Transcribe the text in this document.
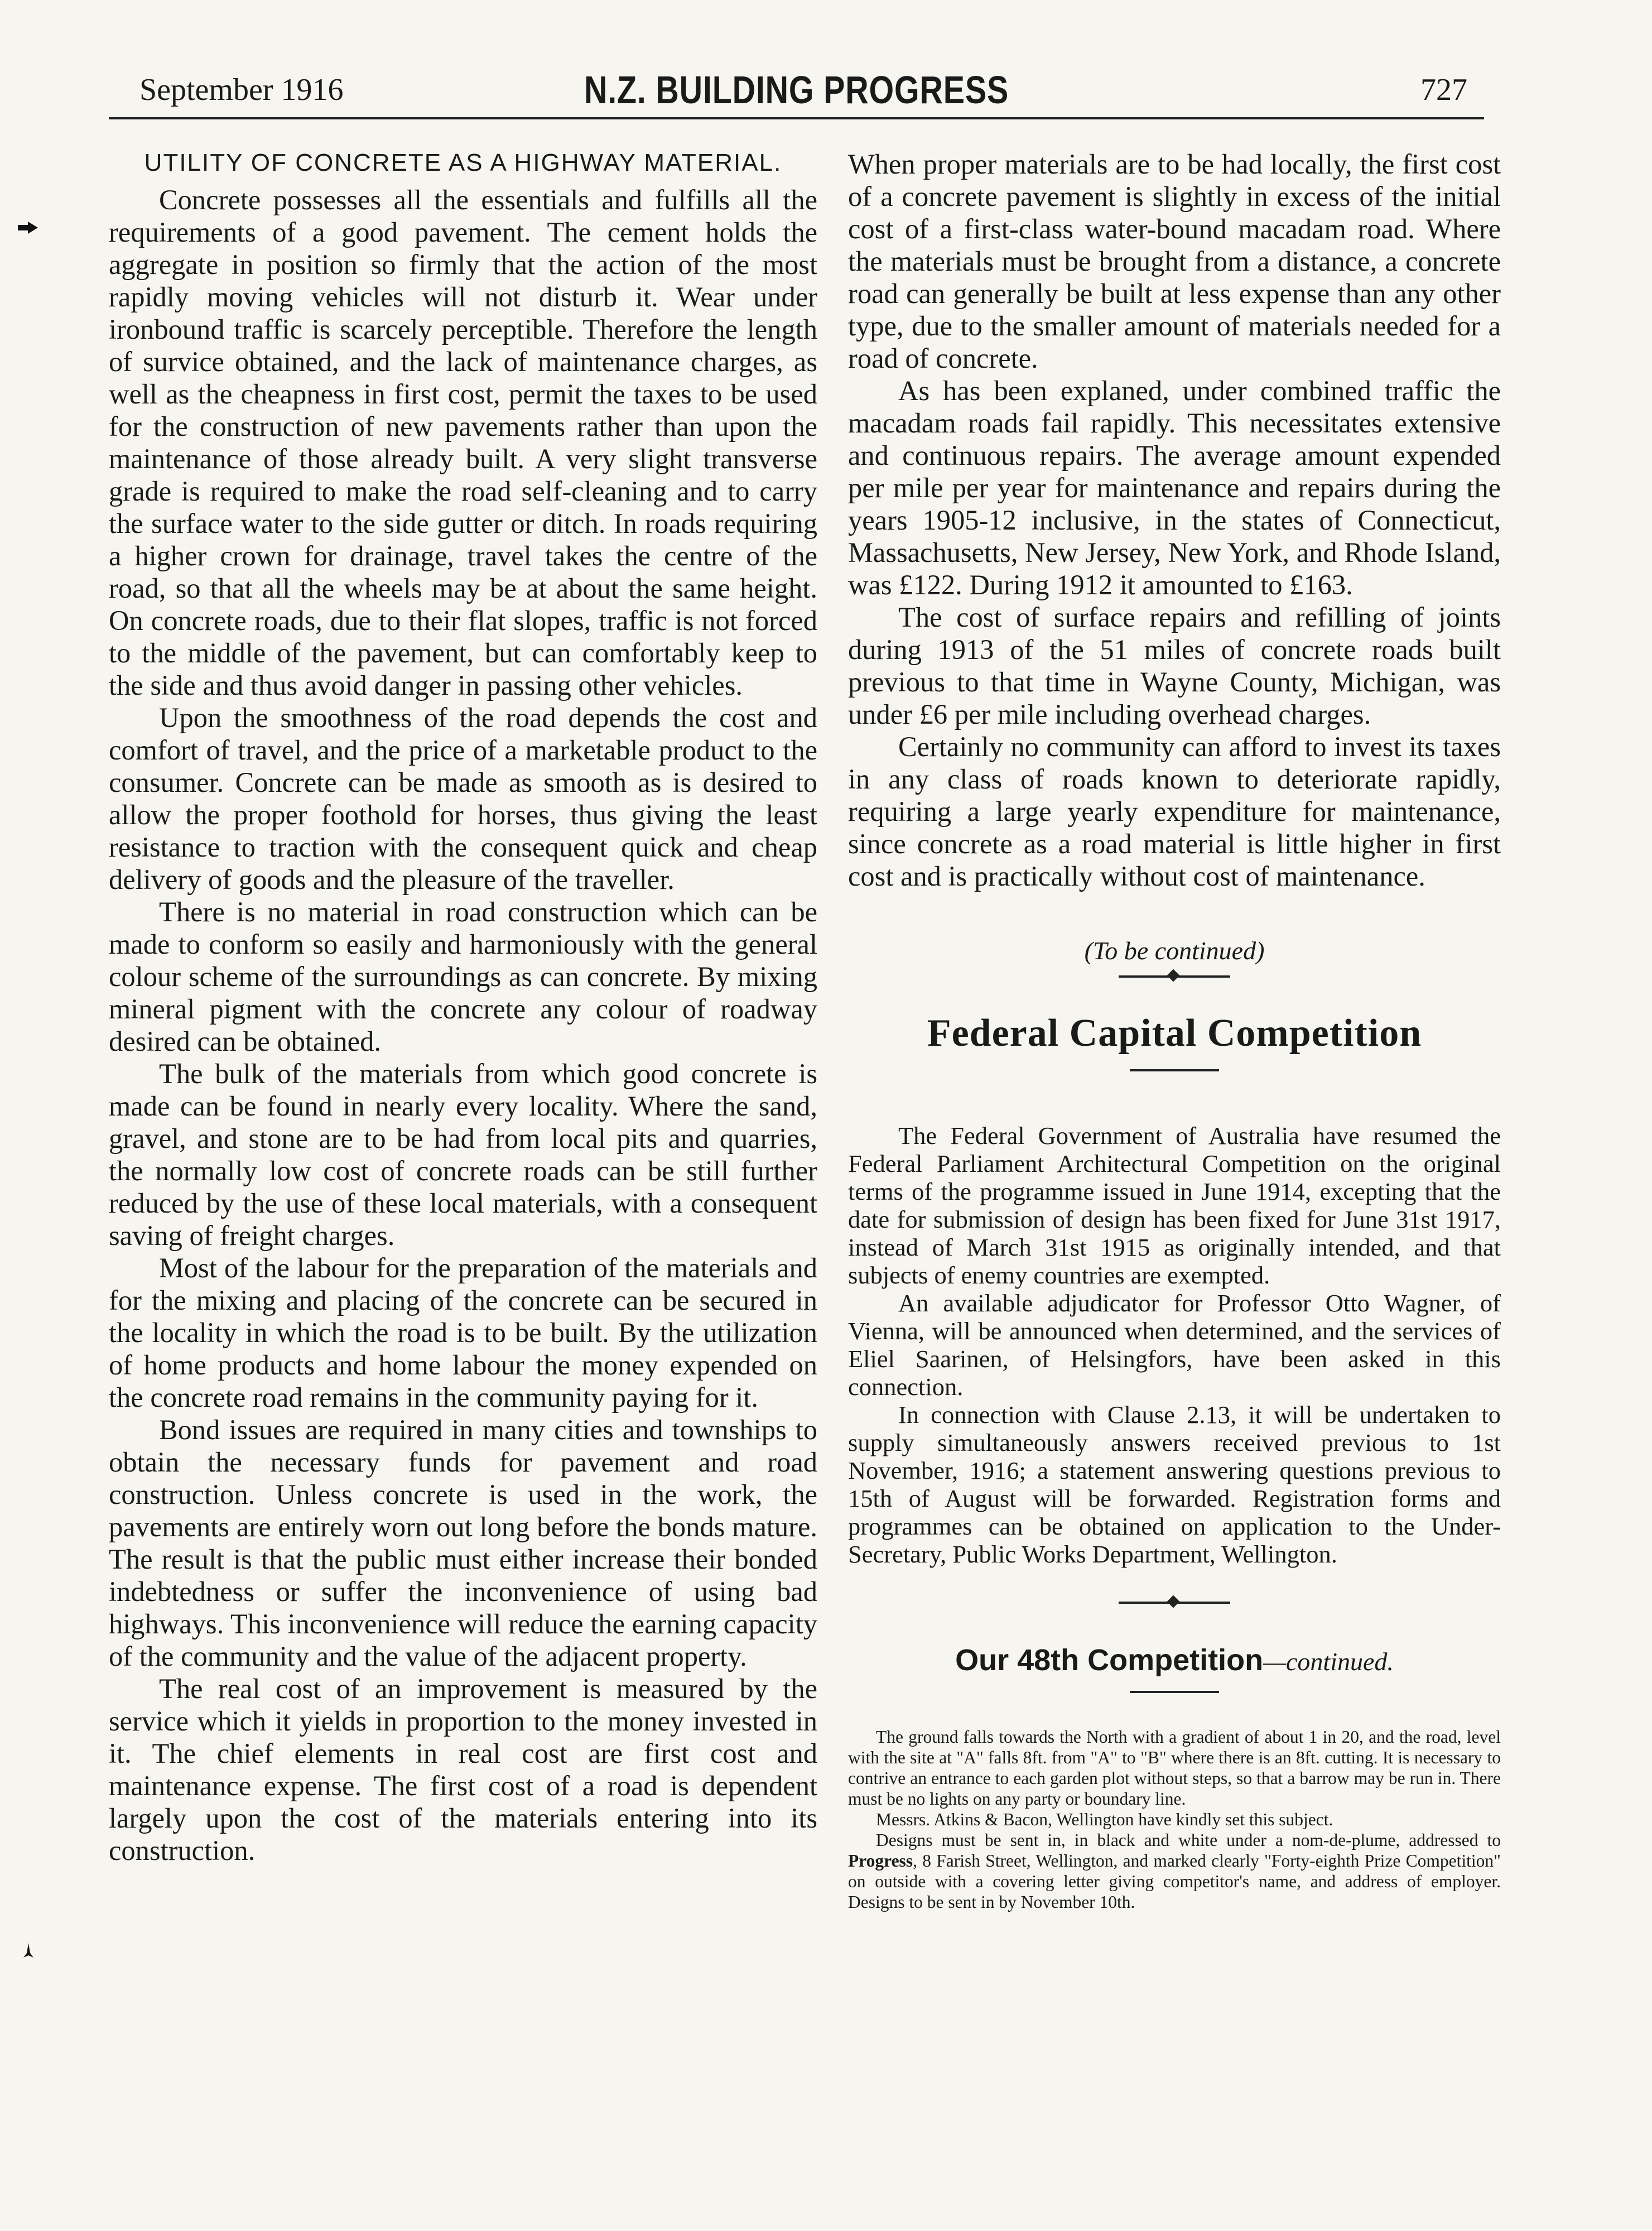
September 1916	N.Z. BUILDING PROGRESS	727

UTILITY OF CONCRETE AS A HIGHWAY MATERIAL.

Concrete possesses all the essentials and fulfills all the requirements of a good pavement. The cement holds the aggregate in position so firmly that the action of the most rapidly moving vehicles will not disturb it. Wear under ironbound traffic is scarcely perceptible. Therefore the length of survice obtained, and the lack of maintenance charges, as well as the cheapness in first cost, permit the taxes to be used for the construction of new pavements rather than upon the maintenance of those already built. A very slight transverse grade is required to make the road self-cleaning and to carry the surface water to the side gutter or ditch. In roads requiring a higher crown for drainage, travel takes the centre of the road, so that all the wheels may be at about the same height. On concrete roads, due to their flat slopes, traffic is not forced to the middle of the pavement, but can comfortably keep to the side and thus avoid danger in passing other vehicles.

Upon the smoothness of the road depends the cost and comfort of travel, and the price of a marketable product to the consumer. Concrete can be made as smooth as is desired to allow the proper foothold for horses, thus giving the least resistance to traction with the consequent quick and cheap delivery of goods and the pleasure of the traveller.

There is no material in road construction which can be made to conform so easily and harmoniously with the general colour scheme of the surroundings as can concrete. By mixing mineral pigment with the concrete any colour of roadway desired can be obtained.

The bulk of the materials from which good concrete is made can be found in nearly every locality. Where the sand, gravel, and stone are to be had from local pits and quarries, the normally low cost of concrete roads can be still further reduced by the use of these local materials, with a consequent saving of freight charges.

Most of the labour for the preparation of the materials and for the mixing and placing of the concrete can be secured in the locality in which the road is to be built. By the utilization of home products and home labour the money expended on the concrete road remains in the community paying for it.

Bond issues are required in many cities and townships to obtain the necessary funds for pavement and road construction. Unless concrete is used in the work, the pavements are entirely worn out long before the bonds mature. The result is that the public must either increase their bonded indebtedness or suffer the inconvenience of using bad highways. This inconvenience will reduce the earning capacity of the community and the value of the adjacent property.

The real cost of an improvement is measured by the service which it yields in proportion to the money invested in it. The chief elements in real cost are first cost and maintenance expense. The first cost of a road is dependent largely upon the cost of the materials entering into its construction.

When proper materials are to be had locally, the first cost of a concrete pavement is slightly in excess of the initial cost of a first-class water-bound macadam road. Where the materials must be brought from a distance, a concrete road can generally be built at less expense than any other type, due to the smaller amount of materials needed for a road of concrete.

As has been explaned, under combined traffic the macadam roads fail rapidly. This necessitates extensive and continuous repairs. The average amount expended per mile per year for maintenance and repairs during the years 1905-12 inclusive, in the states of Connecticut, Massachusetts, New Jersey, New York, and Rhode Island, was £122. During 1912 it amounted to £163.

The cost of surface repairs and refilling of joints during 1913 of the 51 miles of concrete roads built previous to that time in Wayne County, Michigan, was under £6 per mile including overhead charges.

Certainly no community can afford to invest its taxes in any class of roads known to deteriorate rapidly, requiring a large yearly expenditure for maintenance, since concrete as a road material is little higher in first cost and is practically without cost of maintenance.

(To be continued)
Federal Capital Competition

The Federal Government of Australia have resumed the Federal Parliament Architectural Competition on the original terms of the programme issued in June 1914, excepting that the date for submission of design has been fixed for June 31st 1917, instead of March 31st 1915 as originally intended, and that subjects of enemy countries are exempted.

An available adjudicator for Professor Otto Wagner, of Vienna, will be announced when determined, and the services of Eliel Saarinen, of Helsingfors, have been asked in this connection.

In connection with Clause 2.13, it will be undertaken to supply simultaneously answers received previous to 1st November, 1916; a statement answering questions previous to 15th of August will be forwarded. Registration forms and programmes can be obtained on application to the Under-Secretary, Public Works Department, Wellington.

Our 48th Competition—continued.

The ground falls towards the North with a gradient of about 1 in 20, and the road, level with the site at "A" falls 8ft. from "A" to "B" where there is an 8ft. cutting. It is necessary to contrive an entrance to each garden plot without steps, so that a barrow may be run in. There must be no lights on any party or boundary line.

Messrs. Atkins & Bacon, Wellington have kindly set this subject.

Designs must be sent in, in black and white under a nom-de-plume, addressed to Progress, 8 Farish Street, Wellington, and marked clearly "Forty-eighth Prize Competition" on outside with a covering letter giving competitor's name, and address of employer. Designs to be sent in by November 10th.
